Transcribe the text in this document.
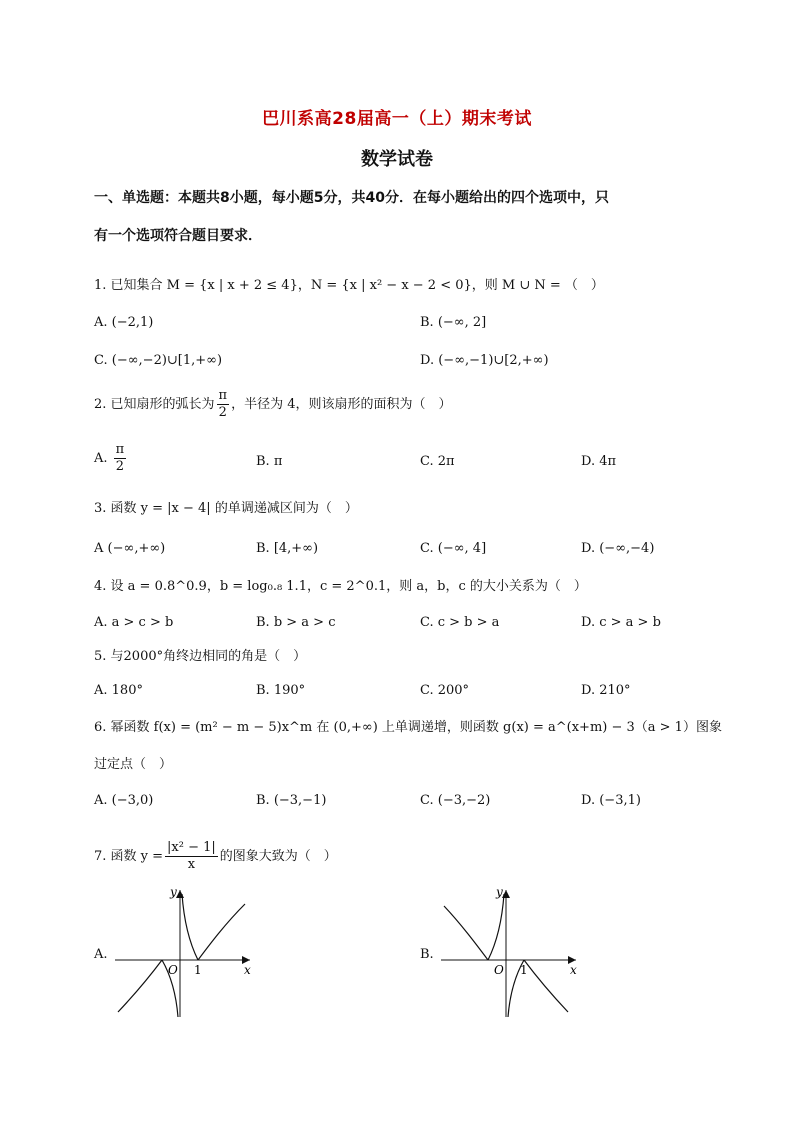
巴川系高28届高一（上）期末考试
数学试卷
一、单选题：本题共8小题，每小题5分，共40分．在每小题给出的四个选项中，只
有一个选项符合题目要求．
1. 已知集合 M = {x | x + 2 ≤ 4}，N = {x | x² − x − 2 < 0}，则 M ∪ N = （　）
A. (−2,1)	B. (−∞, 2]
C. (−∞,−2)∪[1,+∞)	D. (−∞,−1)∪[2,+∞)
2. 已知扇形的弧长为 $\frac{\pi}{2}$ ，半径为 4，则该扇形的面积为（　）
A. $\frac{\pi}{2}$	B. π	C. 2π	D. 4π
3. 函数 y = |x − 4| 的单调递减区间为（　）
A (−∞,+∞)	B. [4,+∞)	C. (−∞, 4]	D. (−∞,−4)
4. 设 a = 0.8^0.9，b = log₀.₈ 1.1，c = 2^0.1，则 a，b，c 的大小关系为（　）
A. a > c > b	B. b > a > c	C. c > b > a	D. c > a > b
5. 与2000°角终边相同的角是（　）
A. 180°	B. 190°	C. 200°	D. 210°
6. 幂函数 f(x) = (m² − m − 5)x^m 在 (0,+∞) 上单调递增，则函数 g(x) = a^(x+m) − 3（a > 1）图象
过定点（　）
A. (−3,0)	B. (−3,−1)	C. (−3,−2)	D. (−3,1)
7. 函数 $y = \frac{\text{|x² − 1|}}{x}$ 的图象大致为（　）
A.
x
y
O 1
B.
x
y
O 1
